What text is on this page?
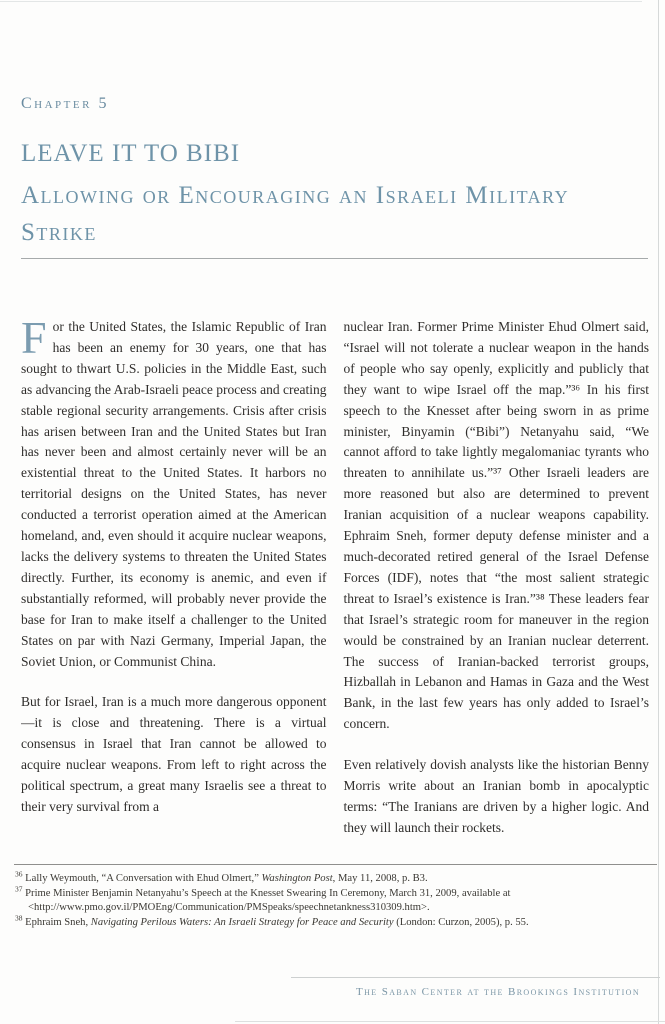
Chapter 5
LEAVE IT TO BIBI
Allowing or Encouraging an Israeli Military
Strike

For the United States, the Islamic Republic of Iran has been an enemy for 30 years, one that has sought to thwart U.S. policies in the Middle East, such as advancing the Arab-Israeli peace process and creating stable regional security arrangements. Crisis after crisis has arisen between Iran and the United States but Iran has never been and almost certainly never will be an existential threat to the United States. It harbors no territorial designs on the United States, has never conducted a terrorist operation aimed at the American homeland, and, even should it acquire nuclear weapons, lacks the delivery systems to threaten the United States directly. Further, its economy is anemic, and even if substantially reformed, will probably never provide the base for Iran to make itself a challenger to the United States on par with Nazi Germany, Imperial Japan, the Soviet Union, or Communist China.

But for Israel, Iran is a much more dangerous opponent—it is close and threatening. There is a virtual consensus in Israel that Iran cannot be allowed to acquire nuclear weapons. From left to right across the political spectrum, a great many Israelis see a threat to their very survival from a

nuclear Iran. Former Prime Minister Ehud Olmert said, “Israel will not tolerate a nuclear weapon in the hands of people who say openly, explicitly and publicly that they want to wipe Israel off the map.”³⁶ In his first speech to the Knesset after being sworn in as prime minister, Binyamin (“Bibi”) Netanyahu said, “We cannot afford to take lightly megalomaniac tyrants who threaten to annihilate us.”³⁷ Other Israeli leaders are more reasoned but also are determined to prevent Iranian acquisition of a nuclear weapons capability. Ephraim Sneh, former deputy defense minister and a much-decorated retired general of the Israel Defense Forces (IDF), notes that “the most salient strategic threat to Israel’s existence is Iran.”³⁸ These leaders fear that Israel’s strategic room for maneuver in the region would be constrained by an Iranian nuclear deterrent. The success of Iranian-backed terrorist groups, Hizballah in Lebanon and Hamas in Gaza and the West Bank, in the last few years has only added to Israel’s concern.

Even relatively dovish analysts like the historian Benny Morris write about an Iranian bomb in apocalyptic terms: “The Iranians are driven by a higher logic. And they will launch their rockets.

$^{36}$ Lally Weymouth, “A Conversation with Ehud Olmert,” Washington Post, May 11, 2008, p. B3.
$^{37}$ Prime Minister Benjamin Netanyahu’s Speech at the Knesset Swearing In Ceremony, March 31, 2009, available at <http://www.pmo.gov.il/PMOEng/Communication/PMSpeaks/speechnetankness310309.htm>.
$^{38}$ Ephraim Sneh, Navigating Perilous Waters: An Israeli Strategy for Peace and Security (London: Curzon, 2005), p. 55.
The Saban Center at the Brookings Institution
